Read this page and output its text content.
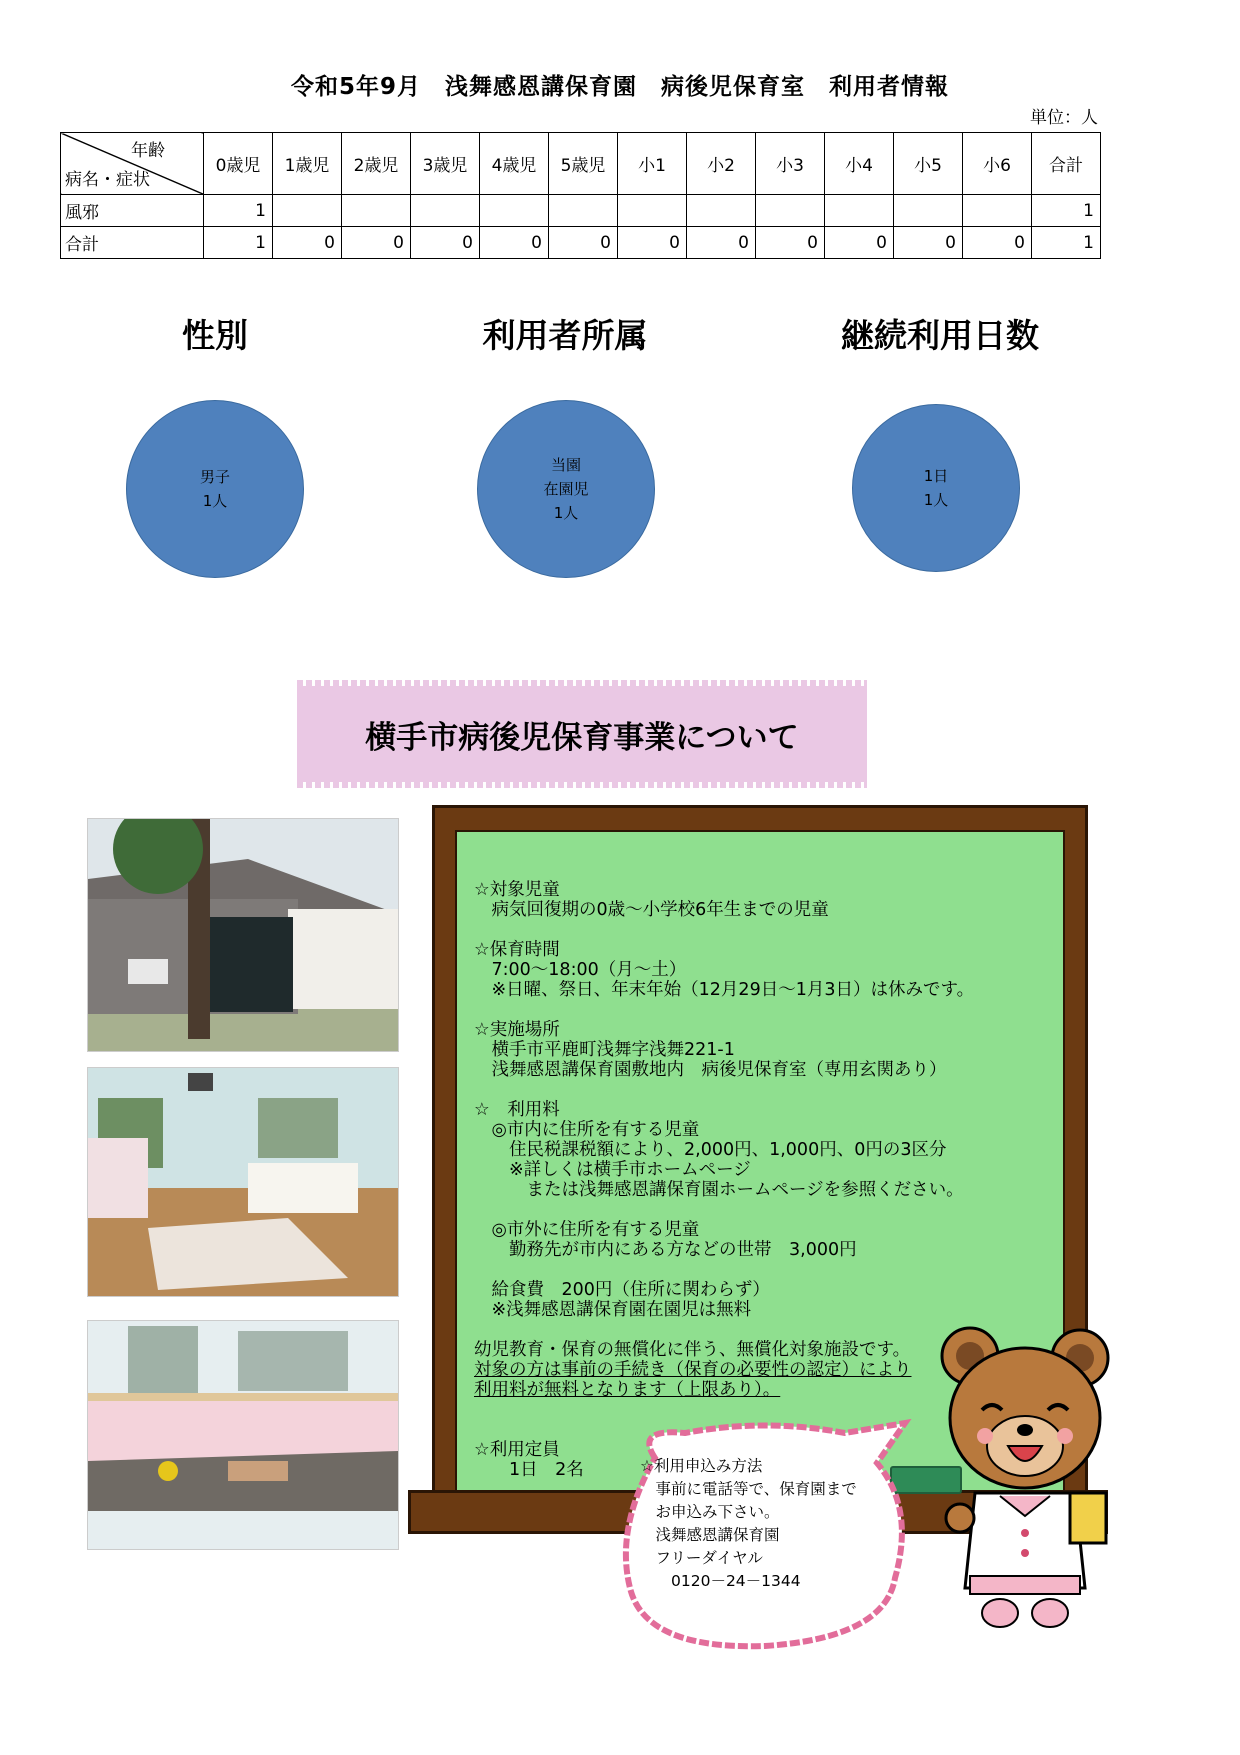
令和5年9月　浅舞感恩講保育園　病後児保育室　利用者情報
単位：人
年齢
病名・症状	0歳児	1歳児	2歳児	3歳児	4歳児	5歳児	小1	小2	小3	小4	小5	小6	合計
風邪	1												1
合計	1	0	0	0	0	0	0	0	0	0	0	0	1
性別	利用者所属	継続利用日数
男子
1人
当園
在園児
1人
1日
1人
横手市病後児保育事業について

☆対象児童

　病気回復期の0歳～小学校6年生までの児童

☆保育時間

　7:00～18:00（月～土）

　※日曜、祭日、年末年始（12月29日～1月3日）は休みです。

☆実施場所

　横手市平鹿町浅舞字浅舞221-1

　浅舞感恩講保育園敷地内　病後児保育室（専用玄関あり）

☆　利用料

　◎市内に住所を有する児童

　　住民税課税額により、2,000円、1,000円、0円の3区分

　　※詳しくは横手市ホームページ

　　　または浅舞感恩講保育園ホームページを参照ください。

　◎市外に住所を有する児童

　　勤務先が市内にある方などの世帯　3,000円

　給食費　200円（住所に関わらず）

　※浅舞感恩講保育園在園児は無料

幼児教育・保育の無償化に伴う、無償化対象施設です。

対象の方は事前の手続き（保育の必要性の認定）により

利用料が無料となります（上限あり）。

☆利用定員

　　1日　2名	☆利用申込み方法

　事前に電話等で、保育園まで

　お申込み下さい。

　浅舞感恩講保育園

　フリーダイヤル

　　0120－24－1344
